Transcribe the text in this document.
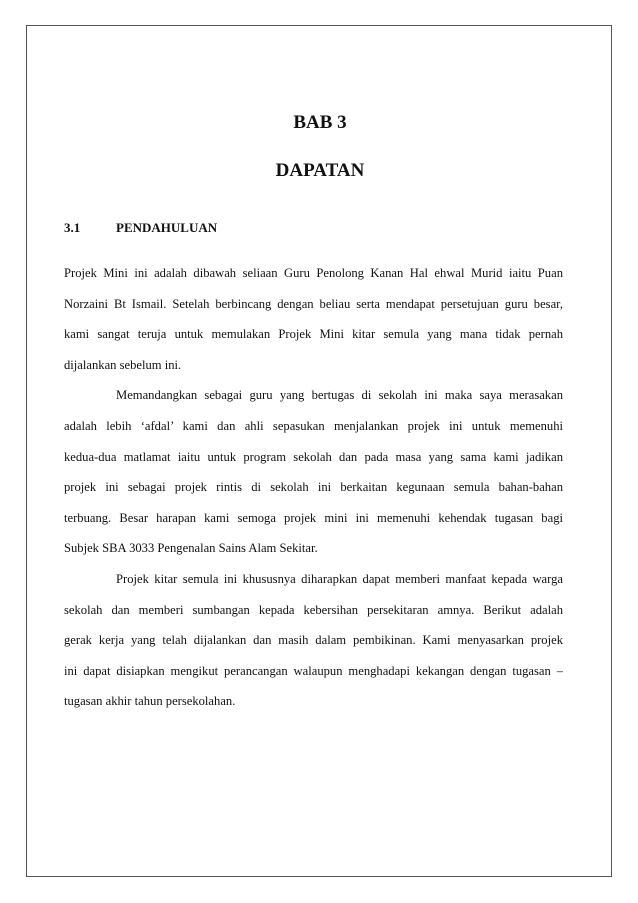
BAB 3
DAPATAN
3.1	PENDAHULUAN

Projek Mini ini adalah dibawah seliaan Guru Penolong Kanan Hal ehwal Murid iaitu Puan
Norzaini Bt Ismail. Setelah berbincang dengan beliau serta mendapat persetujuan guru besar,
kami sangat teruja untuk memulakan Projek Mini kitar semula yang mana tidak pernah
dijalankan sebelum ini.

Memandangkan sebagai guru yang bertugas di sekolah ini maka saya merasakan
adalah lebih ‘afdal’ kami dan ahli sepasukan menjalankan projek ini untuk memenuhi
kedua-dua matlamat iaitu untuk program sekolah dan pada masa yang sama kami jadikan
projek ini sebagai projek rintis di sekolah ini berkaitan kegunaan semula bahan-bahan
terbuang. Besar harapan kami semoga projek mini ini memenuhi kehendak tugasan bagi
Subjek SBA 3033 Pengenalan Sains Alam Sekitar.

Projek kitar semula ini khususnya diharapkan dapat memberi manfaat kepada warga
sekolah dan memberi sumbangan kepada kebersihan persekitaran amnya. Berikut adalah
gerak kerja yang telah dijalankan dan masih dalam pembikinan. Kami menyasarkan projek
ini dapat disiapkan mengikut perancangan walaupun menghadapi kekangan dengan tugasan –
tugasan akhir tahun persekolahan.
